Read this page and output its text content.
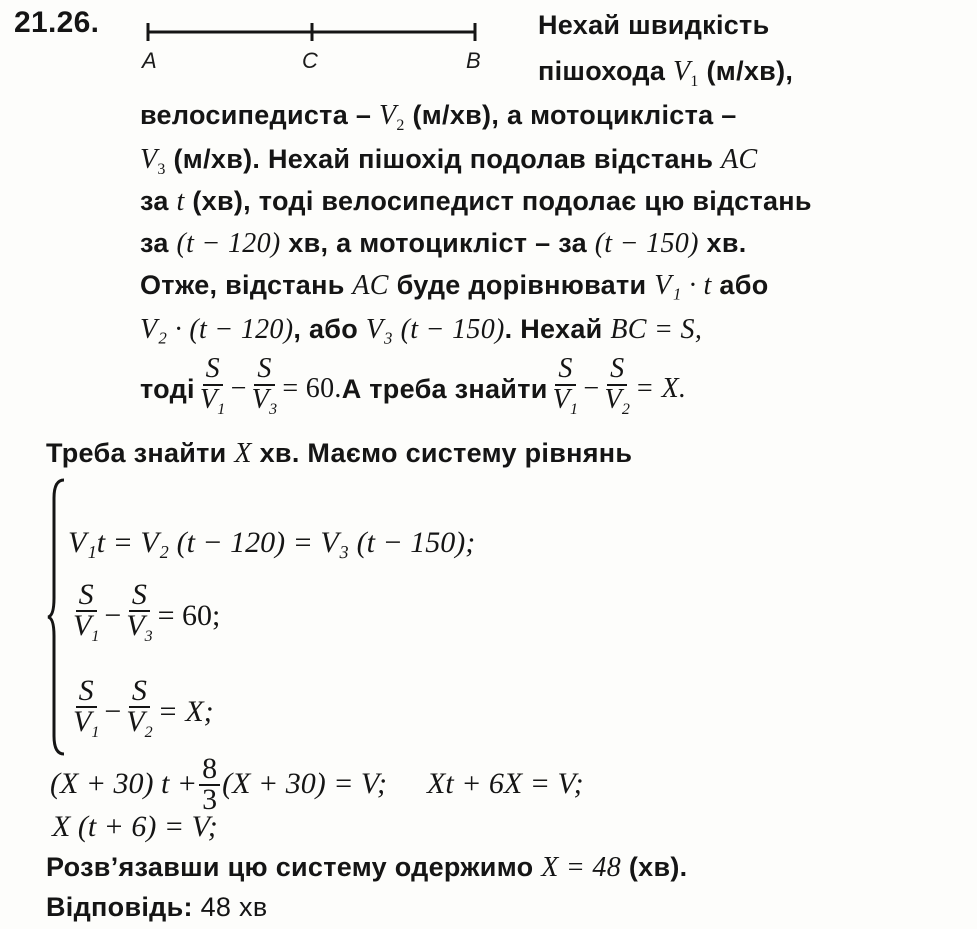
21.26.
A	C	B
Нехай швидкість
пішохода $V_1$ (м/хв),
велосипедиста – $V_2$ (м/хв), а мотоцикліста –
$V_3$ (м/хв). Нехай пішохід подолав відстань AC
за t (хв), тоді велосипедист подолає цю відстань
за (t − 120) хв, а мотоцикліст – за (t − 150) хв.
Отже, відстань AC буде дорівнювати V₁ · t або
V₂ · (t − 120), або V₃ (t − 150). Нехай BC = S,
тоді $\frac{S}{V_1} - \frac{S}{V_3} = 60$. А треба знайти $\frac{S}{V_1} - \frac{S}{V_2} = X$.
Треба знайти X хв. Маємо систему рівнянь
V₁t = V₂ (t − 120) = V₃ (t − 150);
$\frac{S}{V_1} - \frac{S}{V_3} = 60$;
$\frac{S}{V_1} - \frac{S}{V_2} = X$;
(X + 30) $t + \frac{8}{3} (X + 30) = V$; Xt + 6X = V;
X (t + 6) = V;
Розв’язавши цю систему одержимо X = 48 (хв).
Відповідь: 48 хв
